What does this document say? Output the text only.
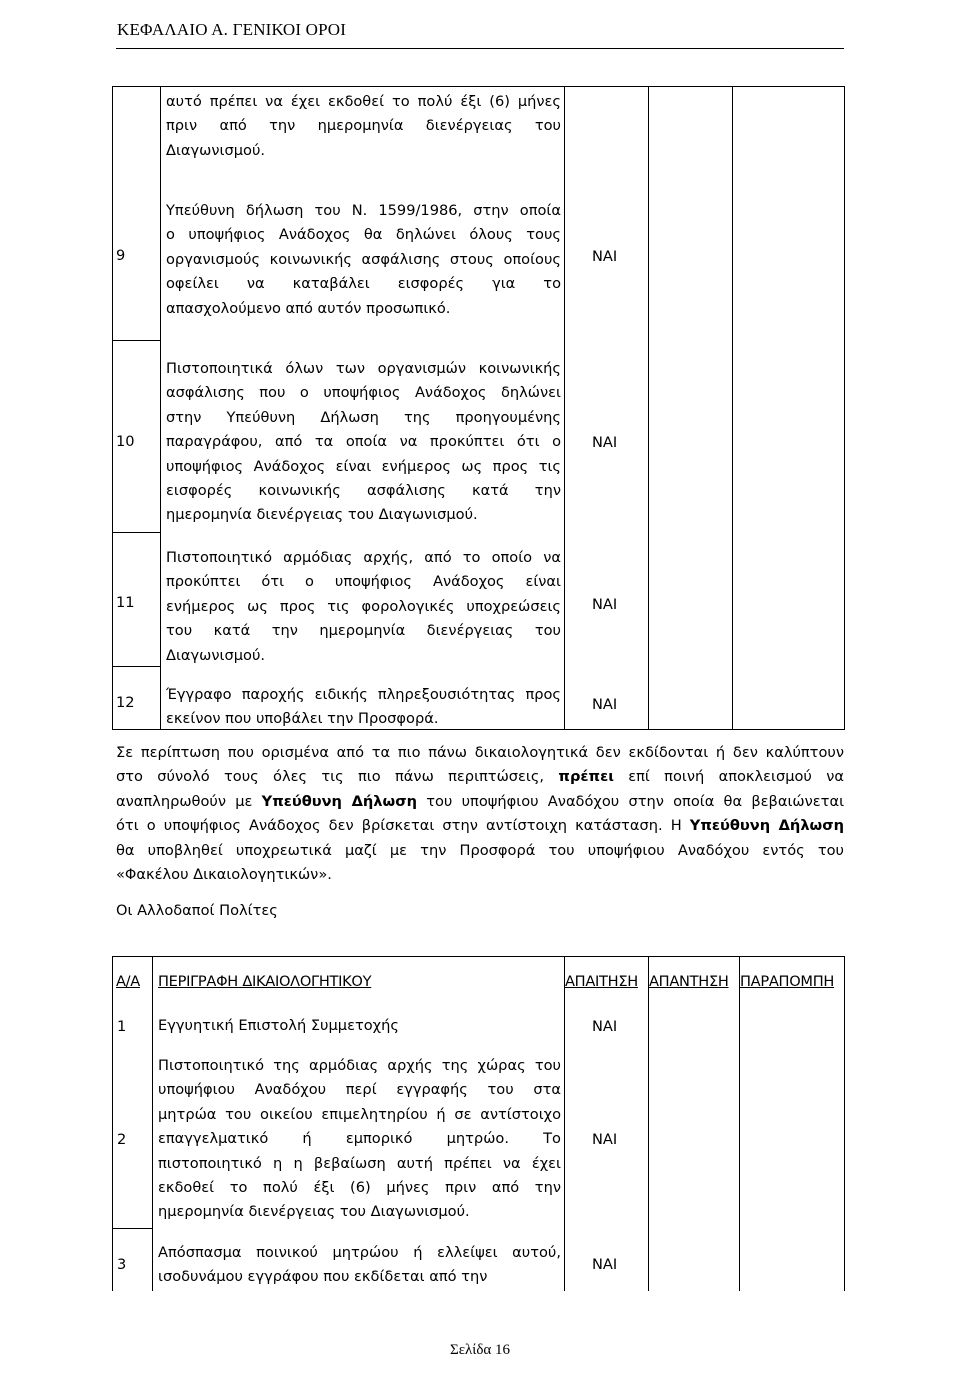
ΚΕΦΑΛΑΙΟ Α. ΓΕΝΙΚΟΙ ΟΡΟΙ
αυτό πρέπει να έχει εκδοθεί το πολύ έξι (6) μήνες
πριν από την ημερομηνία διενέργειας του
Διαγωνισμού.
9
Υπεύθυνη δήλωση του Ν. 1599/1986, στην οποία
ο υποψήφιος Ανάδοχος θα δηλώνει όλους τους
οργανισμούς κοινωνικής ασφάλισης στους οποίους
οφείλει να καταβάλει εισφορές για το
απασχολούμενο από αυτόν προσωπικό.
ΝΑΙ
10
Πιστοποιητικά όλων των οργανισμών κοινωνικής
ασφάλισης που ο υποψήφιος Ανάδοχος δηλώνει
στην Υπεύθυνη Δήλωση της προηγουμένης
παραγράφου, από τα οποία να προκύπτει ότι ο
υποψήφιος Ανάδοχος είναι ενήμερος ως προς τις
εισφορές κοινωνικής ασφάλισης κατά την
ημερομηνία διενέργειας του Διαγωνισμού.
ΝΑΙ
11
Πιστοποιητικό αρμόδιας αρχής, από το οποίο να
προκύπτει ότι ο υποψήφιος Ανάδοχος είναι
ενήμερος ως προς τις φορολογικές υποχρεώσεις
του κατά την ημερομηνία διενέργειας του
Διαγωνισμού.
ΝΑΙ
12 Έγγραφο παροχής ειδικής πληρεξουσιότητας προς
εκείνον που υποβάλει την Προσφορά.
ΝΑΙ
Σε περίπτωση που ορισμένα από τα πιο πάνω δικαιολογητικά δεν εκδίδονται ή δεν καλύπτουν
στο σύνολό τους όλες τις πιο πάνω περιπτώσεις, πρέπει επί ποινή αποκλεισμού να
αναπληρωθούν με Υπεύθυνη Δήλωση του υποψήφιου Αναδόχου στην οποία θα βεβαιώνεται
ότι ο υποψήφιος Ανάδοχος δεν βρίσκεται στην αντίστοιχη κατάσταση. Η Υπεύθυνη Δήλωση
θα υποβληθεί υποχρεωτικά μαζί με την Προσφορά του υποψήφιου Αναδόχου εντός του
«Φακέλου Δικαιολογητικών».
Οι Αλλοδαποί Πολίτες
Α/Α ΠΕΡΙΓΡΑΦΗ ΔΙΚΑΙΟΛΟΓΗΤΙΚΟΥ	ΑΠΑΙΤΗΣΗ ΑΠΑΝΤΗΣΗ ΠΑΡΑΠΟΜΠΗ
1 Εγγυητική Επιστολή Συμμετοχής	ΝΑΙ
2
Πιστοποιητικό της αρμόδιας αρχής της χώρας του
υποψήφιου Αναδόχου περί εγγραφής του στα
μητρώα του οικείου επιμελητηρίου ή σε αντίστοιχο
επαγγελματικό ή εμπορικό μητρώο. Το
πιστοποιητικό η η βεβαίωση αυτή πρέπει να έχει
εκδοθεί το πολύ έξι (6) μήνες πριν από την
ημερομηνία διενέργειας του Διαγωνισμού.
ΝΑΙ
3
Απόσπασμα ποινικού μητρώου ή ελλείψει αυτού,
ισοδυνάμου εγγράφου που εκδίδεται από την
ΝΑΙ
Σελίδα 16
